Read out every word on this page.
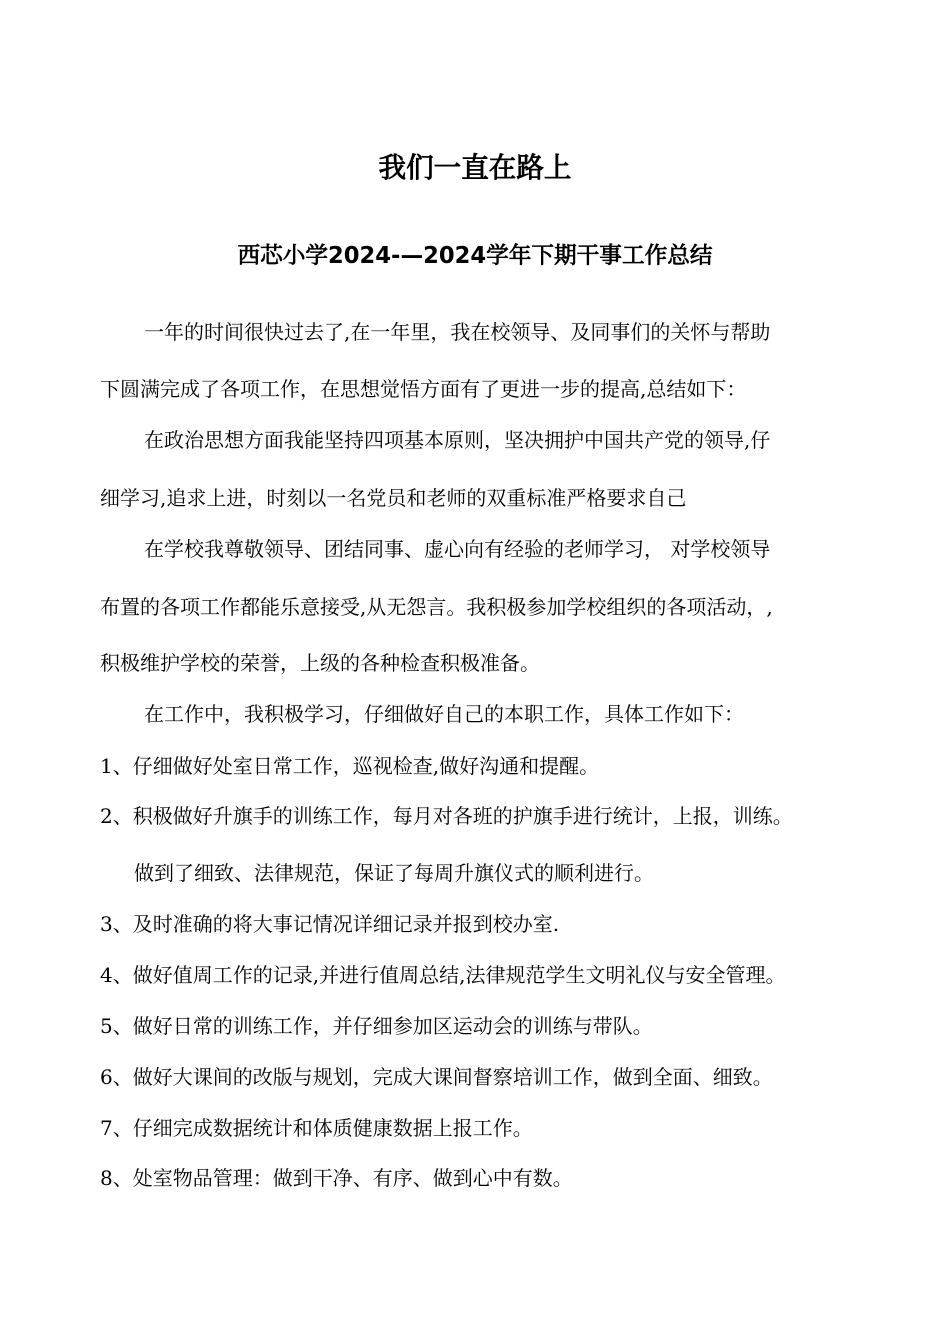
我们一直在路上
西芯小学2024-—2024学年下期干事工作总结

一年的时间很快过去了,在一年里，我在校领导、及同事们的关怀与帮助

下圆满完成了各项工作，在思想觉悟方面有了更进一步的提高,总结如下：

在政治思想方面我能坚持四项基本原则，坚决拥护中国共产党的领导,仔

细学习,追求上进，时刻以一名党员和老师的双重标准严格要求自己

在学校我尊敬领导、团结同事、虚心向有经验的老师学习， 对学校领导

布置的各项工作都能乐意接受,从无怨言。我积极参加学校组织的各项活动，,

积极维护学校的荣誉，上级的各种检查积极准备。

在工作中，我积极学习，仔细做好自己的本职工作，具体工作如下：

1、仔细做好处室日常工作，巡视检查,做好沟通和提醒。

2、积极做好升旗手的训练工作，每月对各班的护旗手进行统计，上报，训练。

做到了细致、法律规范，保证了每周升旗仪式的顺利进行。

3、及时准确的将大事记情况详细记录并报到校办室.

4、做好值周工作的记录,并进行值周总结,法律规范学生文明礼仪与安全管理。

5、做好日常的训练工作，并仔细参加区运动会的训练与带队。

6、做好大课间的改版与规划，完成大课间督察培训工作，做到全面、细致。

7、仔细完成数据统计和体质健康数据上报工作。

8、处室物品管理：做到干净、有序、做到心中有数。
